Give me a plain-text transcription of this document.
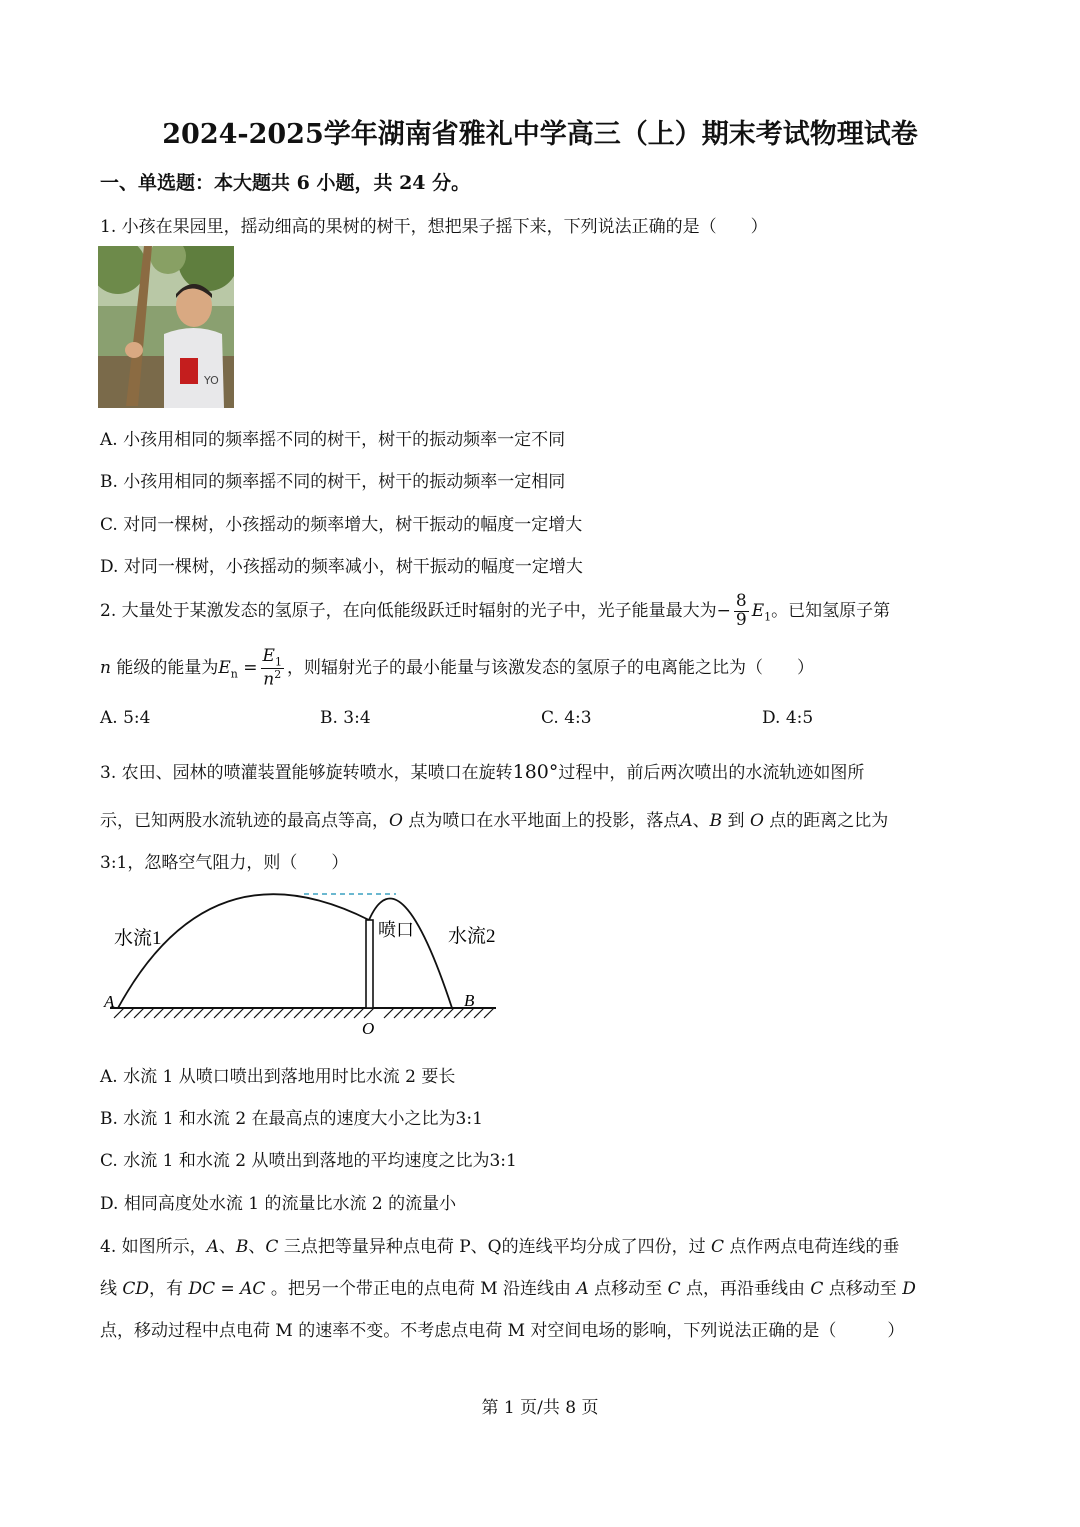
2024-2025学年湖南省雅礼中学高三（上）期末考试物理试卷
一、单选题：本大题共 6 小题，共 24 分。
1. 小孩在果园里，摇动细高的果树的树干，想把果子摇下来，下列说法正确的是（　　）
YO
A. 小孩用相同的频率摇不同的树干，树干的振动频率一定不同
B. 小孩用相同的频率摇不同的树干，树干的振动频率一定相同
C. 对同一棵树，小孩摇动的频率增大，树干振动的幅度一定增大
D. 对同一棵树，小孩摇动的频率减小，树干振动的幅度一定增大
2. 大量处于某激发态的氢原子，在向低能级跃迁时辐射的光子中，光子能量最大为− $\frac{8}{9} E_1$。已知氢原子第
n 能级的能量为$E_n = \frac{E_1}{n^2}$ ，则辐射光子的最小能量与该激发态的氢原子的电离能之比为（　　）
A. 5:4	B. 3:4	C. 4:3	D. 4:5
3. 农田、园林的喷灌装置能够旋转喷水，某喷口在旋转180°过程中，前后两次喷出的水流轨迹如图所
示，已知两股水流轨迹的最高点等高，O 点为喷口在水平地面上的投影，落点A、B 到 O 点的距离之比为
3:1，忽略空气阻力，则（　　）
水流1	水流2
喷口
A	B
O
A. 水流 1 从喷口喷出到落地用时比水流 2 要长
B. 水流 1 和水流 2 在最高点的速度大小之比为3:1
C. 水流 1 和水流 2 从喷出到落地的平均速度之比为3:1
D. 相同高度处水流 1 的流量比水流 2 的流量小
4. 如图所示，A、B、C 三点把等量异种点电荷 P、Q的连线平均分成了四份，过 C 点作两点电荷连线的垂
线 CD，有 DC = AC 。把另一个带正电的点电荷 M 沿连线由 A 点移动至 C 点，再沿垂线由 C 点移动至 D
点，移动过程中点电荷 M 的速率不变。不考虑点电荷 M 对空间电场的影响，下列说法正确的是（　　　）
第 1 页/共 8 页
